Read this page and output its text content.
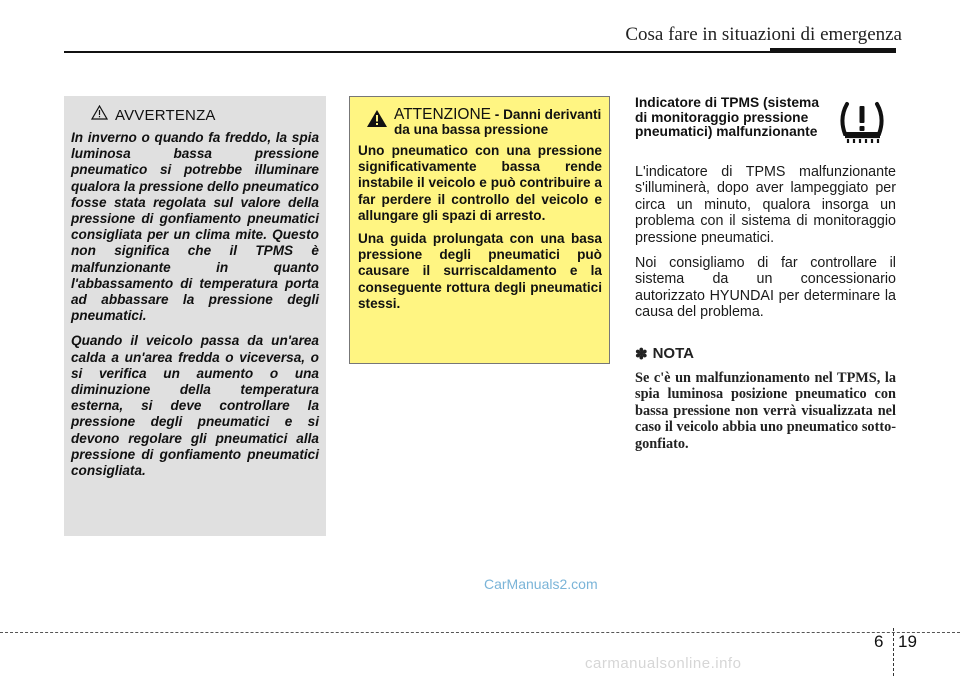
Cosa fare in situazioni di emergenza
AVVERTENZA

In inverno o quando fa freddo, la spia luminosa bassa pressione pneumatico si potrebbe illuminare qualora la pressione dello pneumatico fosse stata regolata sul valore della pressione di gonfiamento pneumatici consigliata per un clima mite. Questo non significa che il TPMS è malfunzionante in quanto l'abbassamento di temperatura porta ad abbassare la pressione degli pneumatici.

Quando il veicolo passa da un'area calda a un'area fredda o viceversa, o si verifica un aumento o una diminuzione della temperatura esterna, si deve controllare la pressione degli pneumatici e si devono regolare gli pneumatici alla pressione di gonfiamento pneumatici consigliata.

ATTENZIONE - Danni derivanti da una bassa pressione

Uno pneumatico con una pressione significativamente bassa rende instabile il veicolo e può contribuire a far perdere il controllo del veicolo e allungare gli spazi di arresto.

Una guida prolungata con una basa pressione degli pneumatici può causare il surriscaldamento e la conseguente rottura degli pneumatici stessi.

Indicatore di TPMS (sistema di monitoraggio pressione pneumatici) malfunzionante

L'indicatore di TPMS malfunzionante s'illuminerà, dopo aver lampeggiato per circa un minuto, qualora insorga un problema con il sistema di monitoraggio pressione pneumatici.

Noi consigliamo di far controllare il sistema da un concessionario autorizzato HYUNDAI per determinare la causa del problema.

✽ NOTA
Se c'è un malfunzionamento nel TPMS, la spia luminosa posizione pneumatico con bassa pressione non verrà visualizzata nel caso il veicolo abbia uno pneumatico sotto-gonfiato.
CarManuals2.com
6 19
carmanualsonline.info
